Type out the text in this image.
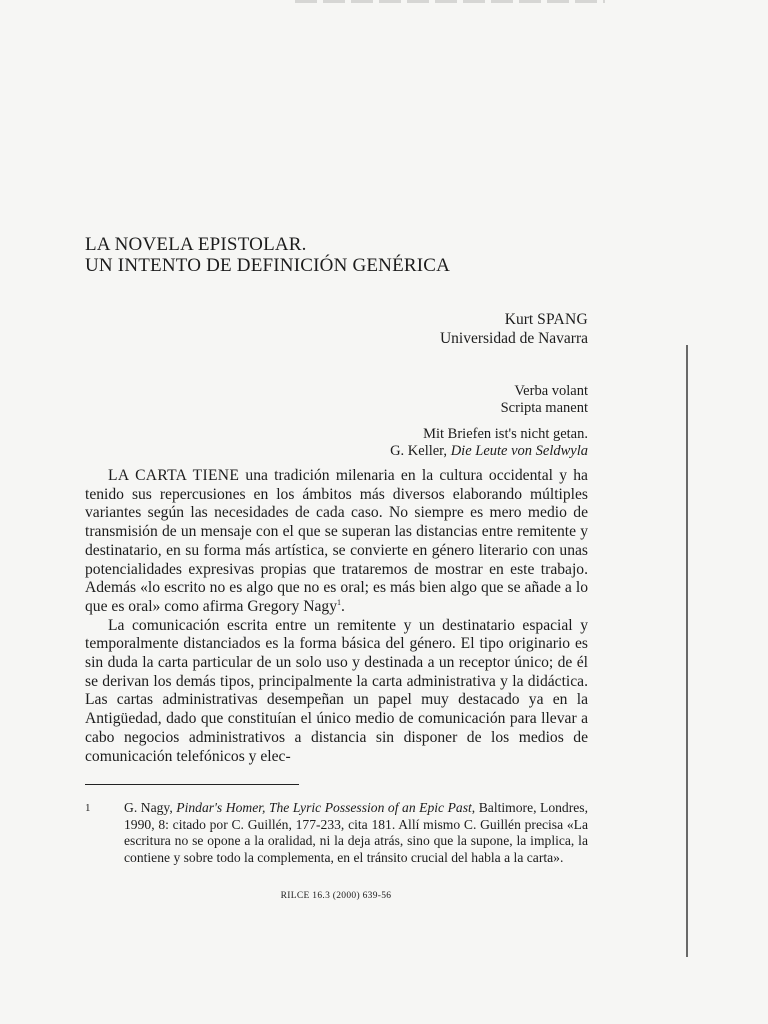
LA NOVELA EPISTOLAR.
UN INTENTO DE DEFINICIÓN GENÉRICA
Kurt SPANG
Universidad de Navarra
Verba volant
Scripta manent
Mit Briefen ist's nicht getan.
G. Keller, Die Leute von Seldwyla

LA CARTA TIENE una tradición milenaria en la cultura occidental y ha tenido sus repercusiones en los ámbitos más diversos elaborando múltiples variantes según las necesidades de cada caso. No siempre es mero medio de transmisión de un mensaje con el que se superan las distancias entre remitente y destinatario, en su forma más artística, se convierte en género literario con unas potencialidades expresivas propias que trataremos de mostrar en este trabajo. Además «lo escrito no es algo que no es oral; es más bien algo que se añade a lo que es oral» como afirma Gregory Nagy$^1$.

La comunicación escrita entre un remitente y un destinatario espacial y temporalmente distanciados es la forma básica del género. El tipo originario es sin duda la carta particular de un solo uso y destinada a un receptor único; de él se derivan los demás tipos, principalmente la carta administrativa y la didáctica. Las cartas administrativas desempeñan un papel muy destacado ya en la Antigüedad, dado que constituían el único medio de comunicación para llevar a cabo negocios administrativos a distancia sin disponer de los medios de comunicación telefónicos y elec-

1 G. Nagy, Pindar's Homer, The Lyric Possession of an Epic Past, Baltimore, Londres, 1990, 8: citado por C. Guillén, 177-233, cita 181. Allí mismo C. Guillén precisa «La escritura no se opone a la oralidad, ni la deja atrás, sino que la supone, la implica, la contiene y sobre todo la complementa, en el tránsito crucial del habla a la carta».
RILCE 16.3 (2000) 639-56
